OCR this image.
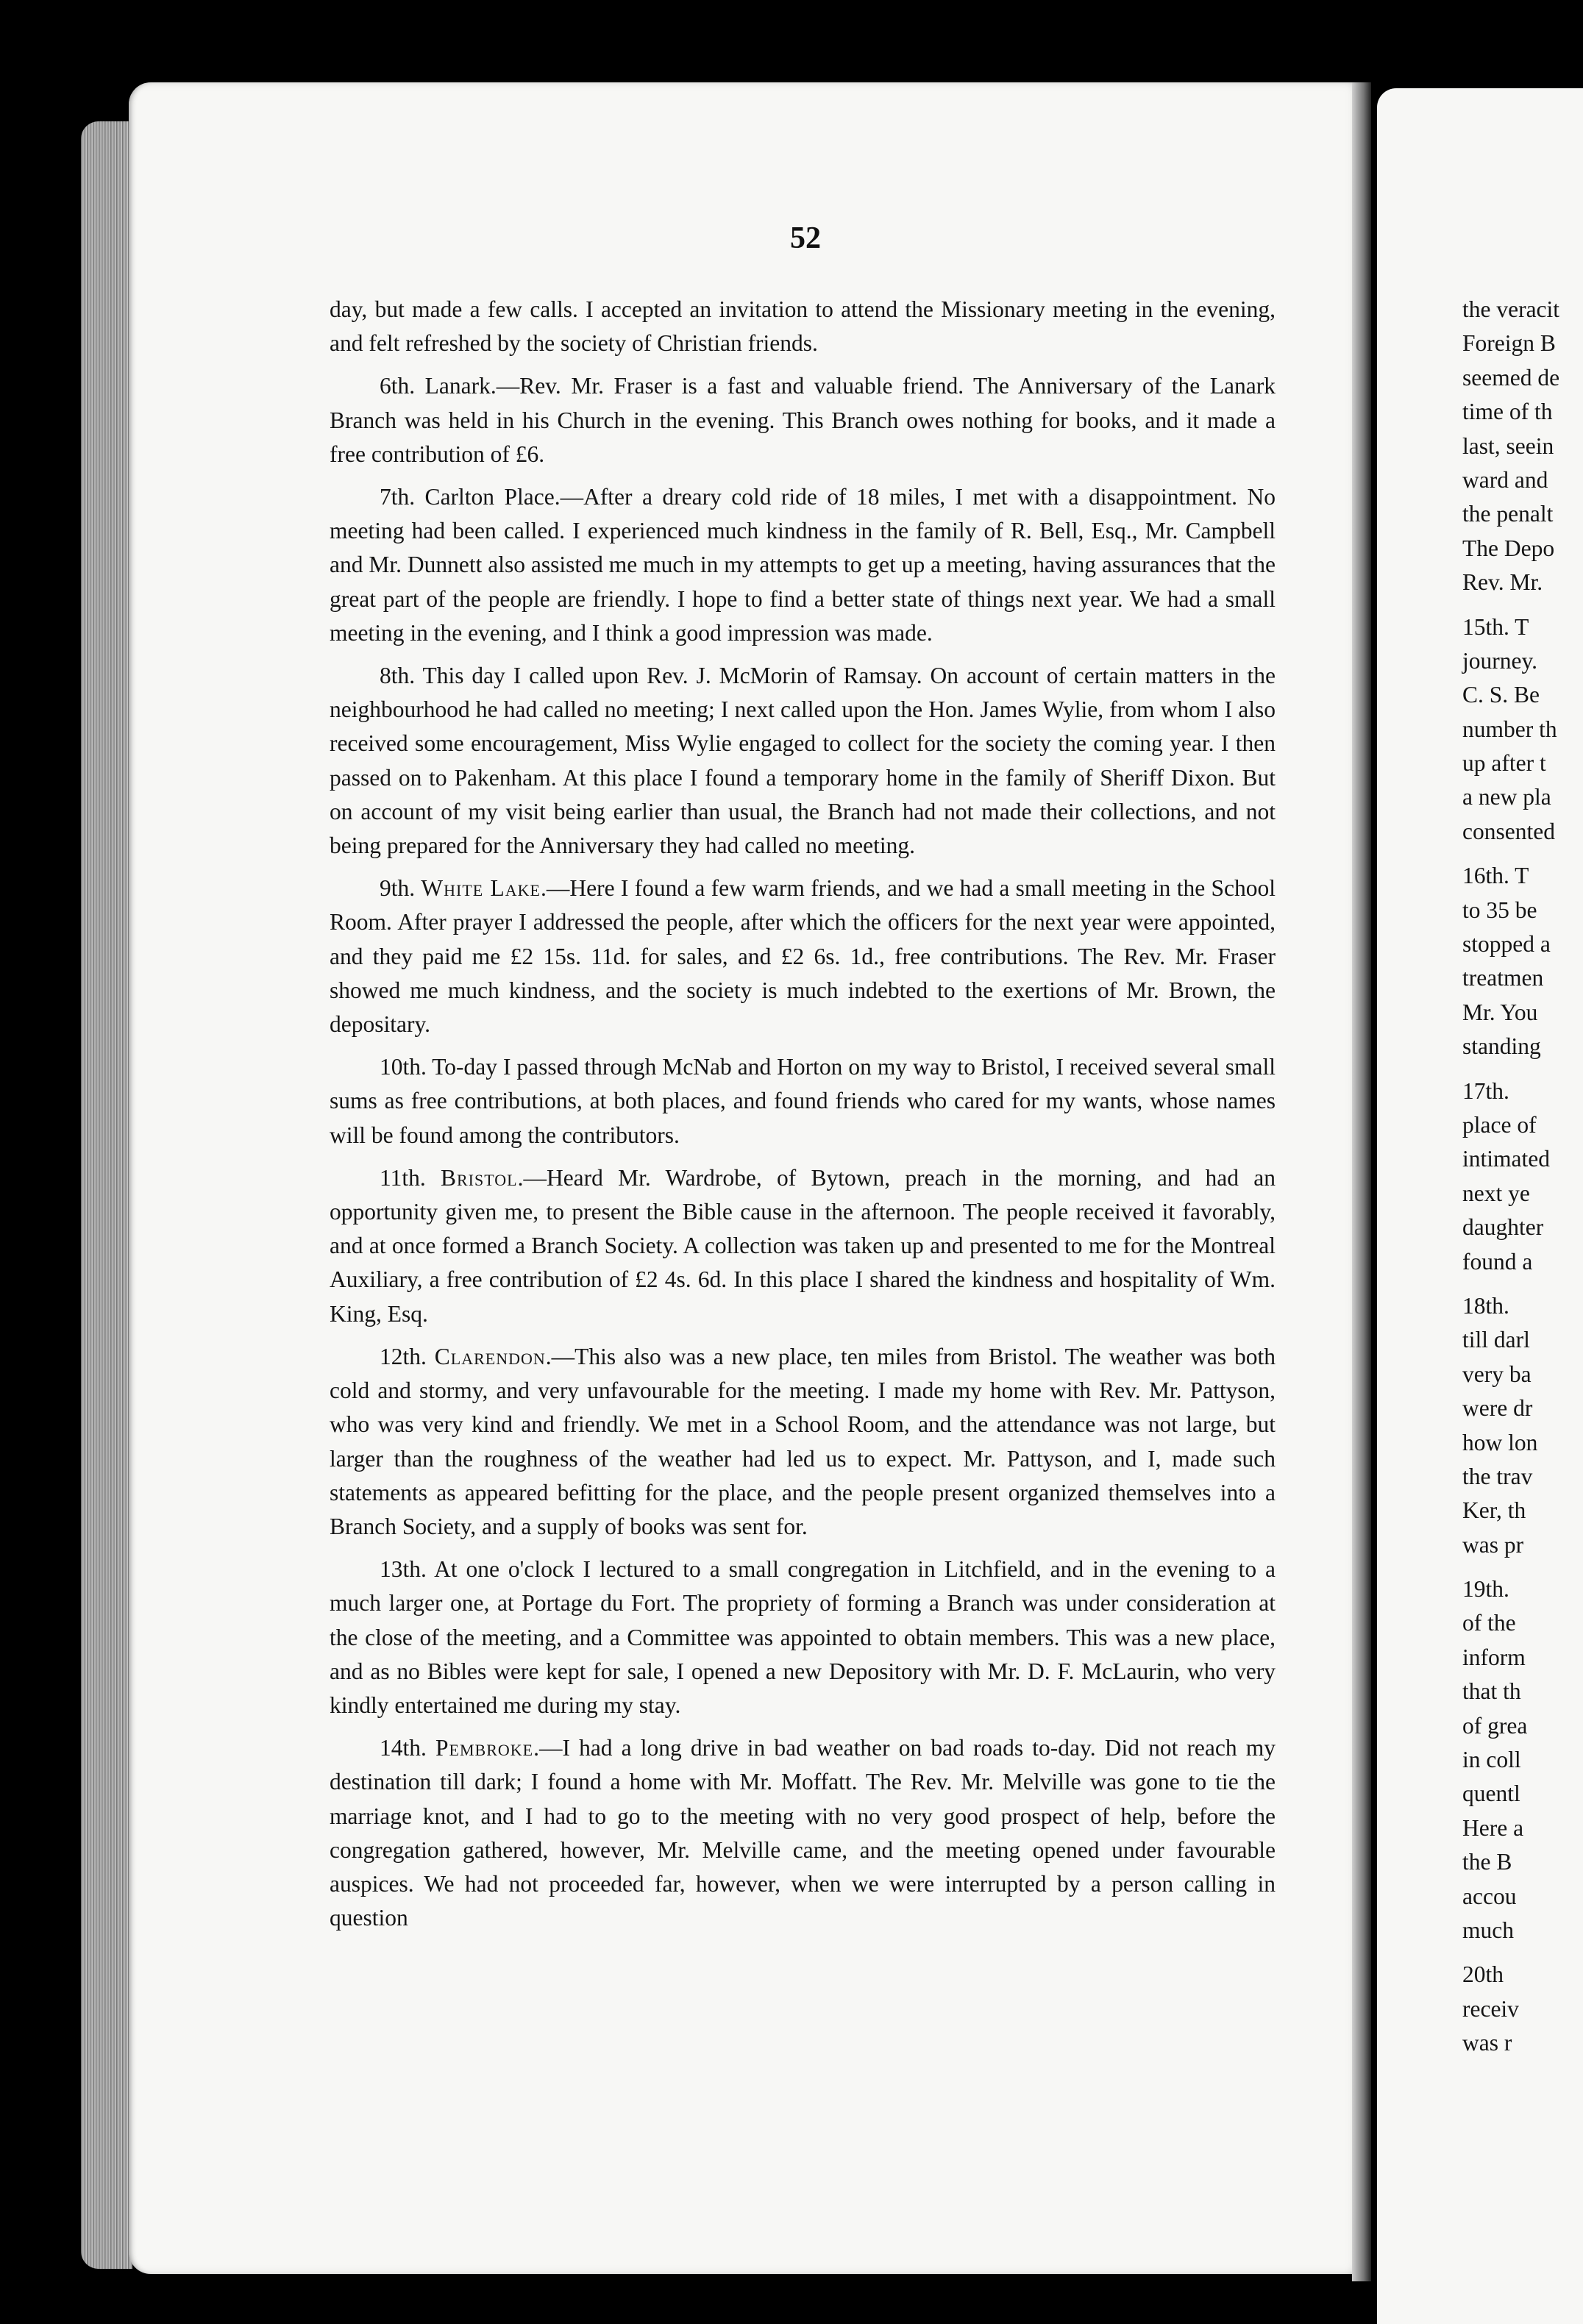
52

day, but made a few calls. I accepted an invitation to attend the Missionary meeting in the evening, and felt refreshed by the society of Christian friends.

6th. Lanark.—Rev. Mr. Fraser is a fast and valuable friend. The Anniversary of the Lanark Branch was held in his Church in the evening. This Branch owes nothing for books, and it made a free contribution of £6.

7th. Carlton Place.—After a dreary cold ride of 18 miles, I met with a disappointment. No meeting had been called. I experienced much kindness in the family of R. Bell, Esq., Mr. Campbell and Mr. Dunnett also assisted me much in my attempts to get up a meeting, having assurances that the great part of the people are friendly. I hope to find a better state of things next year. We had a small meeting in the evening, and I think a good impression was made.

8th. This day I called upon Rev. J. McMorin of Ramsay. On account of certain matters in the neighbourhood he had called no meeting; I next called upon the Hon. James Wylie, from whom I also received some encouragement, Miss Wylie engaged to collect for the society the coming year. I then passed on to Pakenham. At this place I found a temporary home in the family of Sheriff Dixon. But on account of my visit being earlier than usual, the Branch had not made their collections, and not being prepared for the Anniversary they had called no meeting.

9th. White Lake.—Here I found a few warm friends, and we had a small meeting in the School Room. After prayer I addressed the people, after which the officers for the next year were appointed, and they paid me £2 15s. 11d. for sales, and £2 6s. 1d., free contributions. The Rev. Mr. Fraser showed me much kindness, and the society is much indebted to the exertions of Mr. Brown, the depositary.

10th. To-day I passed through McNab and Horton on my way to Bristol, I received several small sums as free contributions, at both places, and found friends who cared for my wants, whose names will be found among the contributors.

11th. Bristol.—Heard Mr. Wardrobe, of Bytown, preach in the morning, and had an opportunity given me, to present the Bible cause in the afternoon. The people received it favorably, and at once formed a Branch Society. A collection was taken up and presented to me for the Montreal Auxiliary, a free contribution of £2 4s. 6d. In this place I shared the kindness and hospitality of Wm. King, Esq.

12th. Clarendon.—This also was a new place, ten miles from Bristol. The weather was both cold and stormy, and very unfavourable for the meeting. I made my home with Rev. Mr. Pattyson, who was very kind and friendly. We met in a School Room, and the attendance was not large, but larger than the roughness of the weather had led us to expect. Mr. Pattyson, and I, made such statements as appeared befitting for the place, and the people present organized themselves into a Branch Society, and a supply of books was sent for.

13th. At one o'clock I lectured to a small congregation in Litchfield, and in the evening to a much larger one, at Portage du Fort. The propriety of forming a Branch was under consideration at the close of the meeting, and a Committee was appointed to obtain members. This was a new place, and as no Bibles were kept for sale, I opened a new Depository with Mr. D. F. McLaurin, who very kindly entertained me during my stay.

14th. Pembroke.—I had a long drive in bad weather on bad roads to-day. Did not reach my destination till dark; I found a home with Mr. Moffatt. The Rev. Mr. Melville was gone to tie the marriage knot, and I had to go to the meeting with no very good prospect of help, before the congregation gathered, however, Mr. Melville came, and the meeting opened under favourable auspices. We had not proceeded far, however, when we were interrupted by a person calling in question

the veracit
Foreign B
seemed de
time of th
last, seein
ward and
the penalt
The Depo
Rev. Mr.
15th. T
journey.
C. S. Be
number th
up after t
a new pla
consented
16th. T
to 35 be
stopped a
treatmen
Mr. You
standing
17th.
place of
intimated
next ye
daughter
found a
18th.
till darl
very ba
were dr
how lon
the trav
Ker, th
was pr
19th.
of the
inform
that th
of grea
in coll
quentl
Here a
the B
accou
much
20th
receiv
was r
